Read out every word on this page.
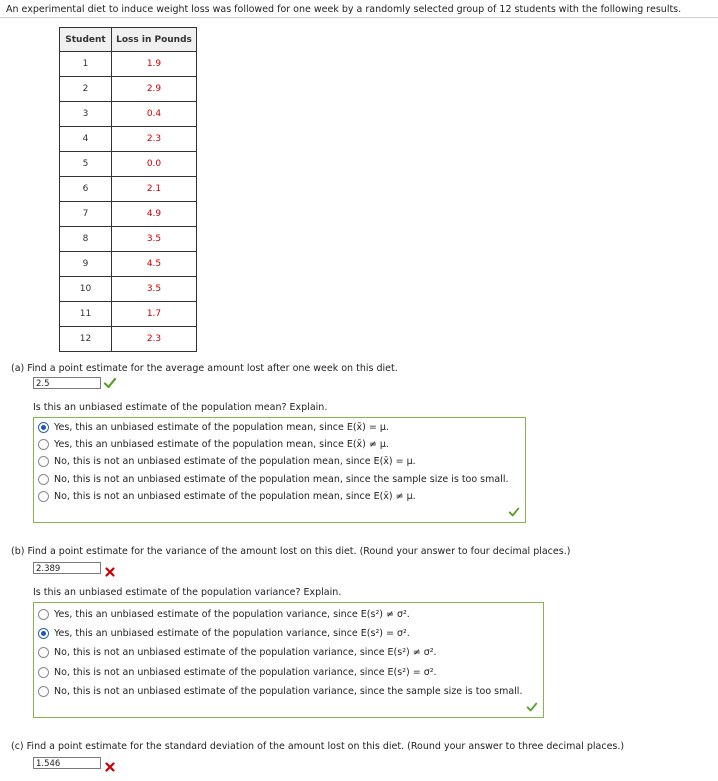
An experimental diet to induce weight loss was followed for one week by a randomly selected group of 12 students with the following results.
Student	Loss in Pounds
1	1.9
2	2.9
3	0.4
4	2.3
5	0.0
6	2.1
7	4.9
8	3.5
9	4.5
10	3.5
11	1.7
12	2.3
(a) Find a point estimate for the average amount lost after one week on this diet.
2.5
Is this an unbiased estimate of the population mean? Explain.
Yes, this an unbiased estimate of the population mean, since E(x̄) = μ.
Yes, this an unbiased estimate of the population mean, since E(x̄) ≠ μ.
No, this is not an unbiased estimate of the population mean, since E(x̄) = μ.
No, this is not an unbiased estimate of the population mean, since the sample size is too small.
No, this is not an unbiased estimate of the population mean, since E(x̄) ≠ μ.
(b) Find a point estimate for the variance of the amount lost on this diet. (Round your answer to four decimal places.)
2.389
Is this an unbiased estimate of the population variance? Explain.
Yes, this an unbiased estimate of the population variance, since E(s²) ≠ σ².
Yes, this an unbiased estimate of the population variance, since E(s²) = σ².
No, this is not an unbiased estimate of the population variance, since E(s²) ≠ σ².
No, this is not an unbiased estimate of the population variance, since E(s²) = σ².
No, this is not an unbiased estimate of the population variance, since the sample size is too small.
(c) Find a point estimate for the standard deviation of the amount lost on this diet. (Round your answer to three decimal places.)
1.546
